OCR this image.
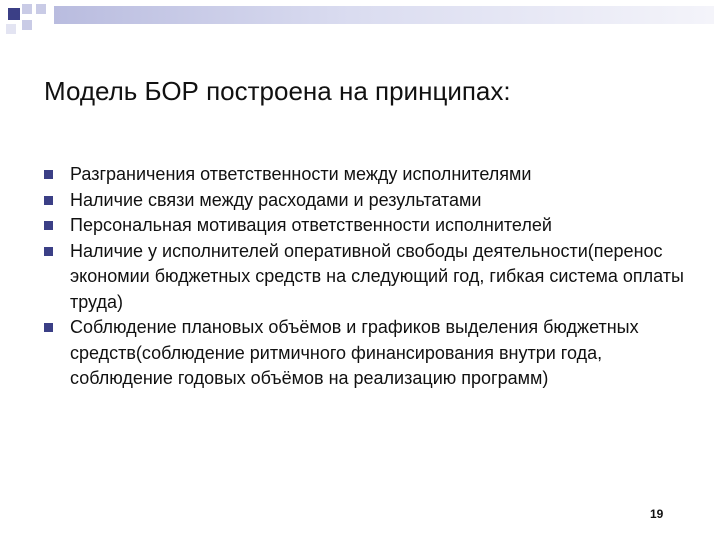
Модель БОР построена на принципах:
Разграничения ответственности между исполнителями
Наличие связи между расходами и результатами
Персональная мотивация ответственности исполнителей
Наличие у исполнителей оперативной свободы деятельности(перенос экономии бюджетных средств на следующий год, гибкая система оплаты труда)
Соблюдение плановых объёмов и графиков выделения бюджетных средств(соблюдение ритмичного финансирования внутри года, соблюдение годовых объёмов на реализацию программ)
19
